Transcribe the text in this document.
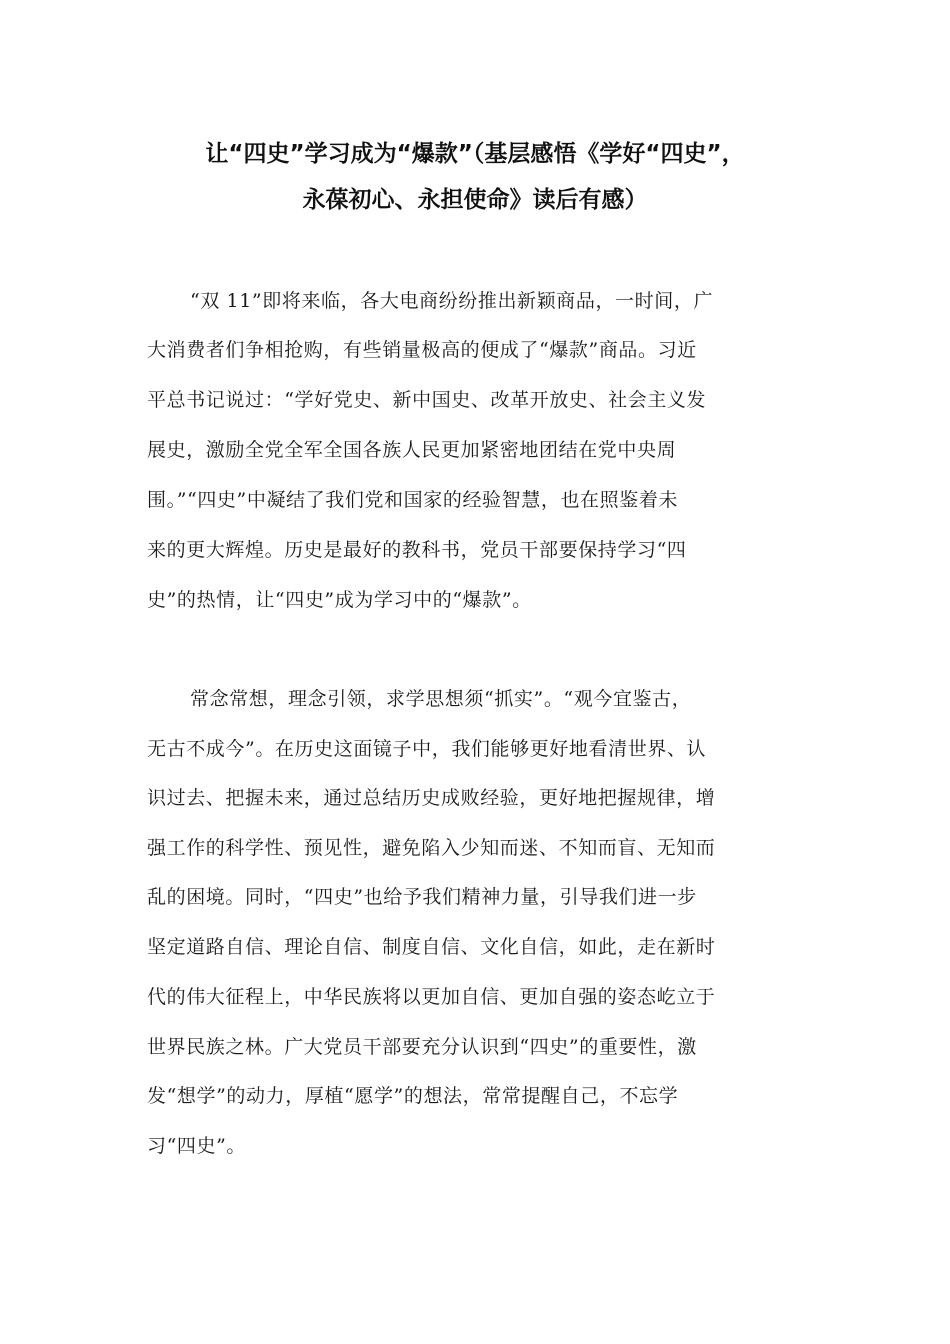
让“四史”学习成为“爆款”（基层感悟《学好“四史”，
永葆初心、永担使命》读后有感）

“双 11”即将来临，各大电商纷纷推出新颖商品，一时间，广

大消费者们争相抢购，有些销量极高的便成了“爆款”商品。习近

平总书记说过：“学好党史、新中国史、改革开放史、社会主义发

展史，激励全党全军全国各族人民更加紧密地团结在党中央周

围。”“四史”中凝结了我们党和国家的经验智慧，也在照鉴着未

来的更大辉煌。历史是最好的教科书，党员干部要保持学习“四

史”的热情，让“四史”成为学习中的“爆款”。

常念常想，理念引领，求学思想须“抓实”。“观今宜鉴古，

无古不成今”。在历史这面镜子中，我们能够更好地看清世界、认

识过去、把握未来，通过总结历史成败经验，更好地把握规律，增

强工作的科学性、预见性，避免陷入少知而迷、不知而盲、无知而

乱的困境。同时，“四史”也给予我们精神力量，引导我们进一步

坚定道路自信、理论自信、制度自信、文化自信，如此，走在新时

代的伟大征程上，中华民族将以更加自信、更加自强的姿态屹立于

世界民族之林。广大党员干部要充分认识到“四史”的重要性，激

发“想学”的动力，厚植“愿学”的想法，常常提醒自己，不忘学

习“四史”。
